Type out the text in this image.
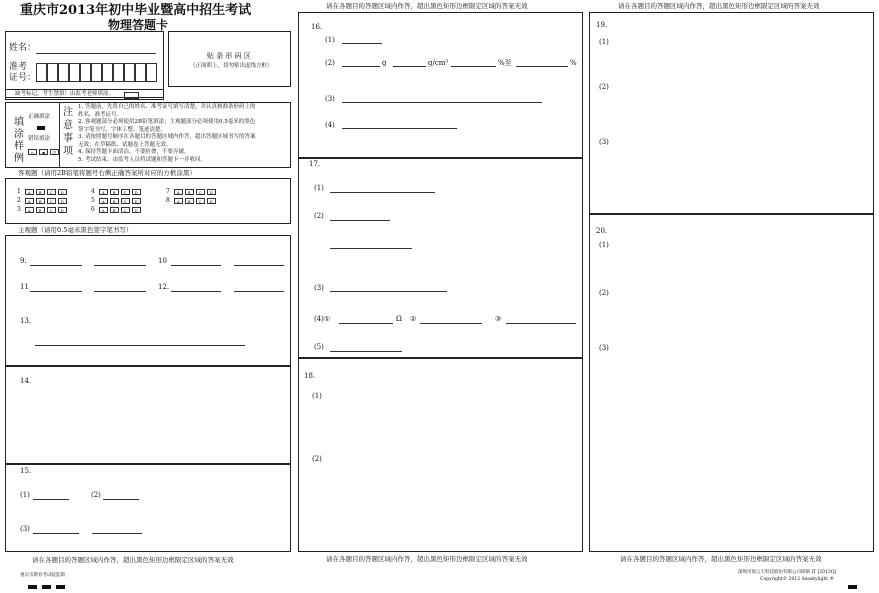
重庆市2013年初中毕业暨高中招生考试
物理答题卡
姓名：
准考
证号：
贴 条 形 码 区
（正面朝上，切勿贴出虚线方框）
缺考标记，考生禁填！由监考老师填涂。
填
涂
样
例
正确填涂
错误填涂
▫ ▪ ◫
注
意
事
项
1. 答题前，先将自己的姓名、准考证号填写清楚，并认真核准条形码上的
姓名、准考证号。
2. 客观题部分必须使用2B铅笔填涂；主观题部分必须使用0.5毫米的黑色
签字笔书写，字体工整、笔迹清楚。
3. 请按照题号顺序在各题目的答题区域内作答，超出答题区域书写的答案
无效；在草稿纸、试题卷上答题无效。
4. 保持答题卡面清洁，不要折叠，不要弄破。
5. 考试结束，由监考人员将试题和答题卡一并收回。
客观题（请用2B铅笔将题号右侧正确答案所对应的方框涂黑）
1 A B C D
2 A B C D
3 A B C D
4 A B C D
5 A B C D
6 A B C D
7 A B C D
8 A B C D
主观题（请用0.5毫米黑色签字笔书写）
9.	10
11	12.
13.
14.
15.
(1)	(2)
(3)
请在各题目的答题区域内作答，超出黑色矩形边框限定区域的答案无效
请在各题目的答题区域内作答，超出黑色矩形边框限定区域的答案无效
16.
(1)
(2)	g	g/cm³	%至	%
(3)
(4)
17.
(1)
(2)
(3)
(4)①	Ω ②	③
(5)
18.
(1)
(2)
请在各题目的答题区域内作答，超出黑色矩形边框限定区域的答案无效
请在各题目的答题区域内作答，超出黑色矩形边框限定区域的答案无效
19.
(1)
(2)
(3)
20.
(1)
(2)
(3)
请在各题目的答题区域内作答，超出黑色矩形边框限定区域的答案无效
重庆市教育考试院监制
深圳市海云天科技股份有限公司研制 IT [2013Q]
Copyright© 2012 Seaskylight ®
